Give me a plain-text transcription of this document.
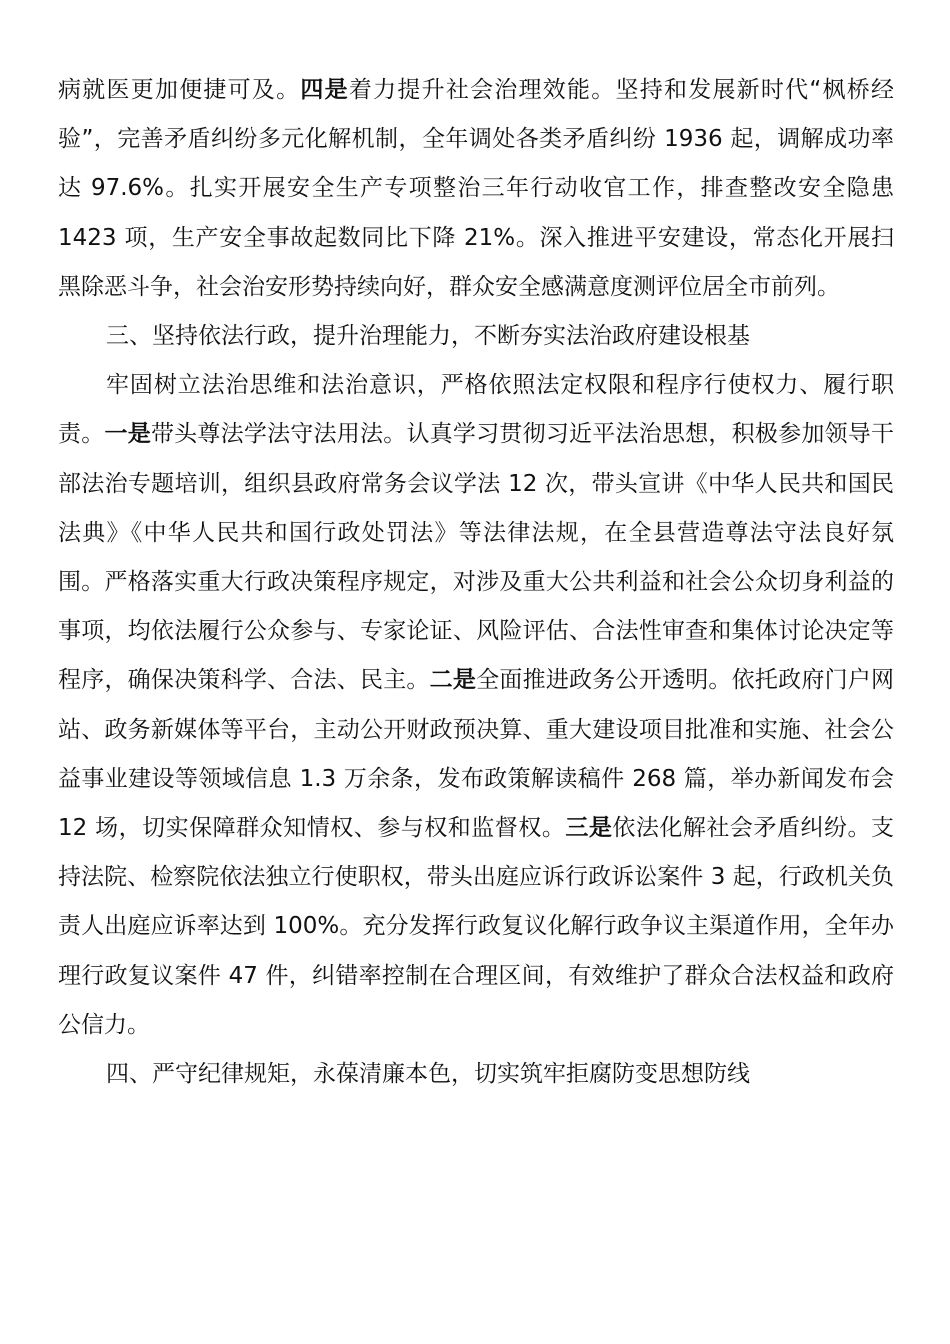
病就医更加便捷可及。四是着力提升社会治理效能。坚持和发展新时代“枫桥经验”，完善矛盾纠纷多元化解机制，全年调处各类矛盾纠纷 1936 起，调解成功率达 97.6%。扎实开展安全生产专项整治三年行动收官工作，排查整改安全隐患 1423 项，生产安全事故起数同比下降 21%。深入推进平安建设，常态化开展扫黑除恶斗争，社会治安形势持续向好，群众安全感满意度测评位居全市前列。

三、坚持依法行政，提升治理能力，不断夯实法治政府建设根基

牢固树立法治思维和法治意识，严格依照法定权限和程序行使权力、履行职责。一是带头尊法学法守法用法。认真学习贯彻习近平法治思想，积极参加领导干部法治专题培训，组织县政府常务会议学法 12 次，带头宣讲《中华人民共和国民法典》《中华人民共和国行政处罚法》等法律法规，在全县营造尊法守法良好氛围。严格落实重大行政决策程序规定，对涉及重大公共利益和社会公众切身利益的事项，均依法履行公众参与、专家论证、风险评估、合法性审查和集体讨论决定等程序，确保决策科学、合法、民主。二是全面推进政务公开透明。依托政府门户网站、政务新媒体等平台，主动公开财政预决算、重大建设项目批准和实施、社会公益事业建设等领域信息 1.3 万余条，发布政策解读稿件 268 篇，举办新闻发布会 12 场，切实保障群众知情权、参与权和监督权。三是依法化解社会矛盾纠纷。支持法院、检察院依法独立行使职权，带头出庭应诉行政诉讼案件 3 起，行政机关负责人出庭应诉率达到 100%。充分发挥行政复议化解行政争议主渠道作用，全年办理行政复议案件 47 件，纠错率控制在合理区间，有效维护了群众合法权益和政府公信力。

四、严守纪律规矩，永葆清廉本色，切实筑牢拒腐防变思想防线
